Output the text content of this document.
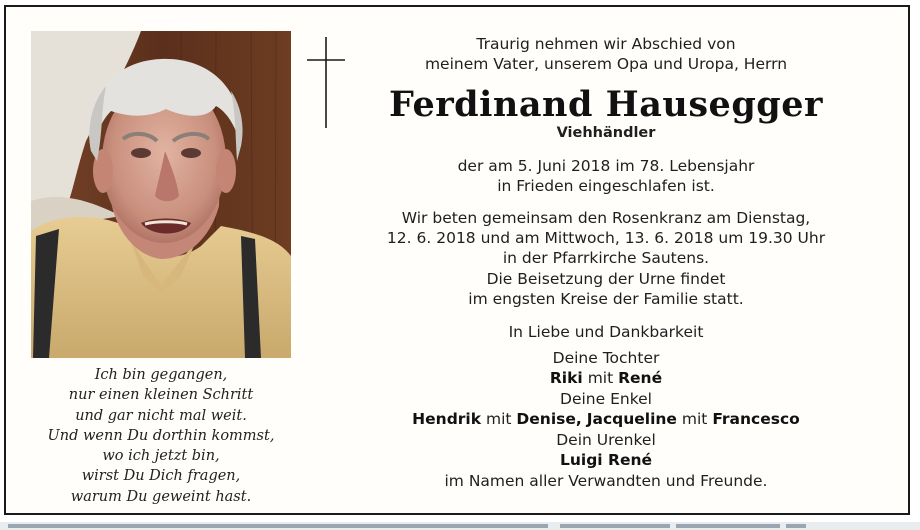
Ich bin gegangen,
nur einen kleinen Schritt
und gar nicht mal weit.
Und wenn Du dorthin kommst,
wo ich jetzt bin,
wirst Du Dich fragen,
warum Du geweint hast.
Traurig nehmen wir Abschied von
meinem Vater, unserem Opa und Uropa, Herrn
Ferdinand Hausegger
Viehhändler
der am 5. Juni 2018 im 78. Lebensjahr
in Frieden eingeschlafen ist.
Wir beten gemeinsam den Rosenkranz am Dienstag,
12. 6. 2018 und am Mittwoch, 13. 6. 2018 um 19.30 Uhr
in der Pfarrkirche Sautens.
Die Beisetzung der Urne findet
im engsten Kreise der Familie statt.
In Liebe und Dankbarkeit
Deine Tochter
Riki mit René
Deine Enkel
Hendrik mit Denise, Jacqueline mit Francesco
Dein Urenkel
Luigi René
im Namen aller Verwandten und Freunde.
